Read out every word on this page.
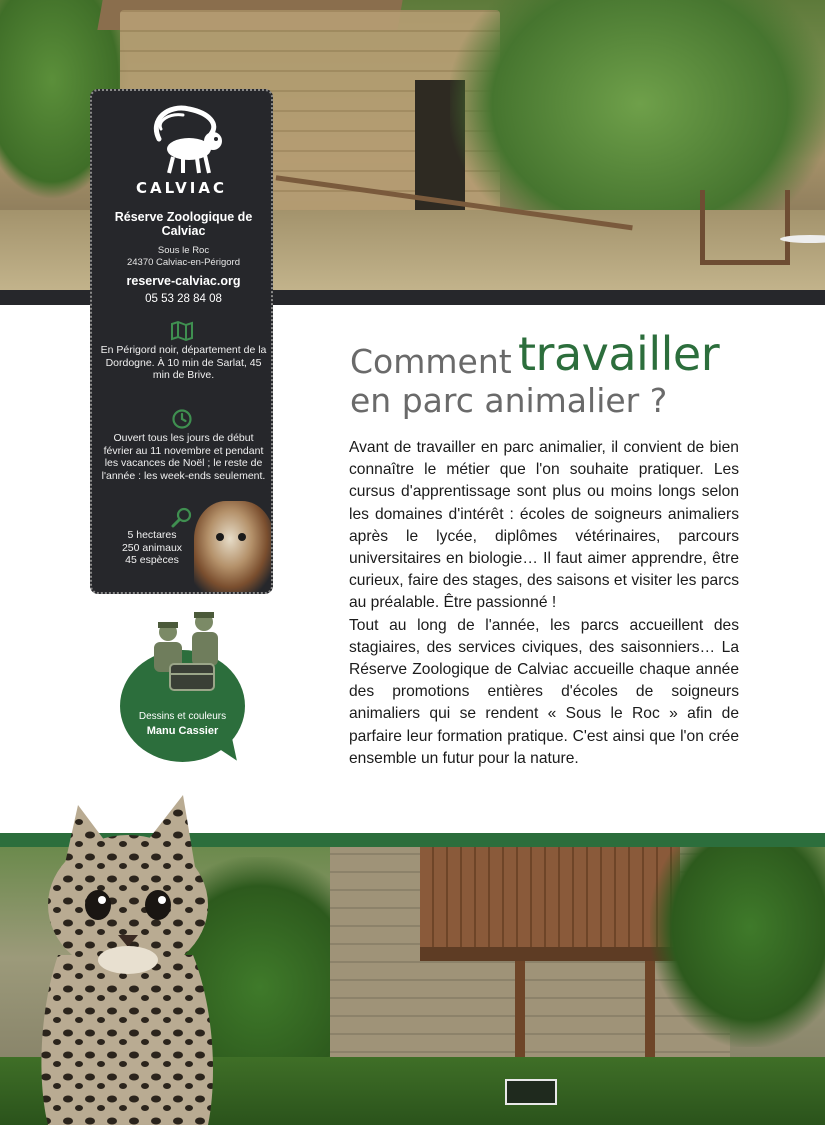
CALVIAC
Réserve Zoologique de Calviac
Sous le Roc
24370 Calviac-en-Périgord
reserve-calviac.org
05 53 28 84 08
En Périgord noir, département de la Dordogne. À 10 min de Sarlat, 45 min de Brive.
Ouvert tous les jours de début février au 11 novembre et pendant les vacances de Noël ; le reste de l'année : les week-ends seulement.
5 hectares
250 animaux
45 espèces
Dessins et couleurs
Manu Cassier
Comment travailler
en parc animalier ?

Avant de travailler en parc animalier, il convient de bien connaître le métier que l'on souhaite pratiquer. Les cursus d'apprentissage sont plus ou moins longs selon les domaines d'intérêt : écoles de soigneurs animaliers après le lycée, diplômes vétérinaires, parcours universitaires en biologie… Il faut aimer apprendre, être curieux, faire des stages, des saisons et visiter les parcs au préalable. Être passionné !

Tout au long de l'année, les parcs accueillent des stagiaires, des services civiques, des saisonniers… La Réserve Zoologique de Calviac accueille chaque année des promotions entières d'écoles de soigneurs animaliers qui se rendent « Sous le Roc » afin de parfaire leur formation pratique. C'est ainsi que l'on crée ensemble un futur pour la nature.
